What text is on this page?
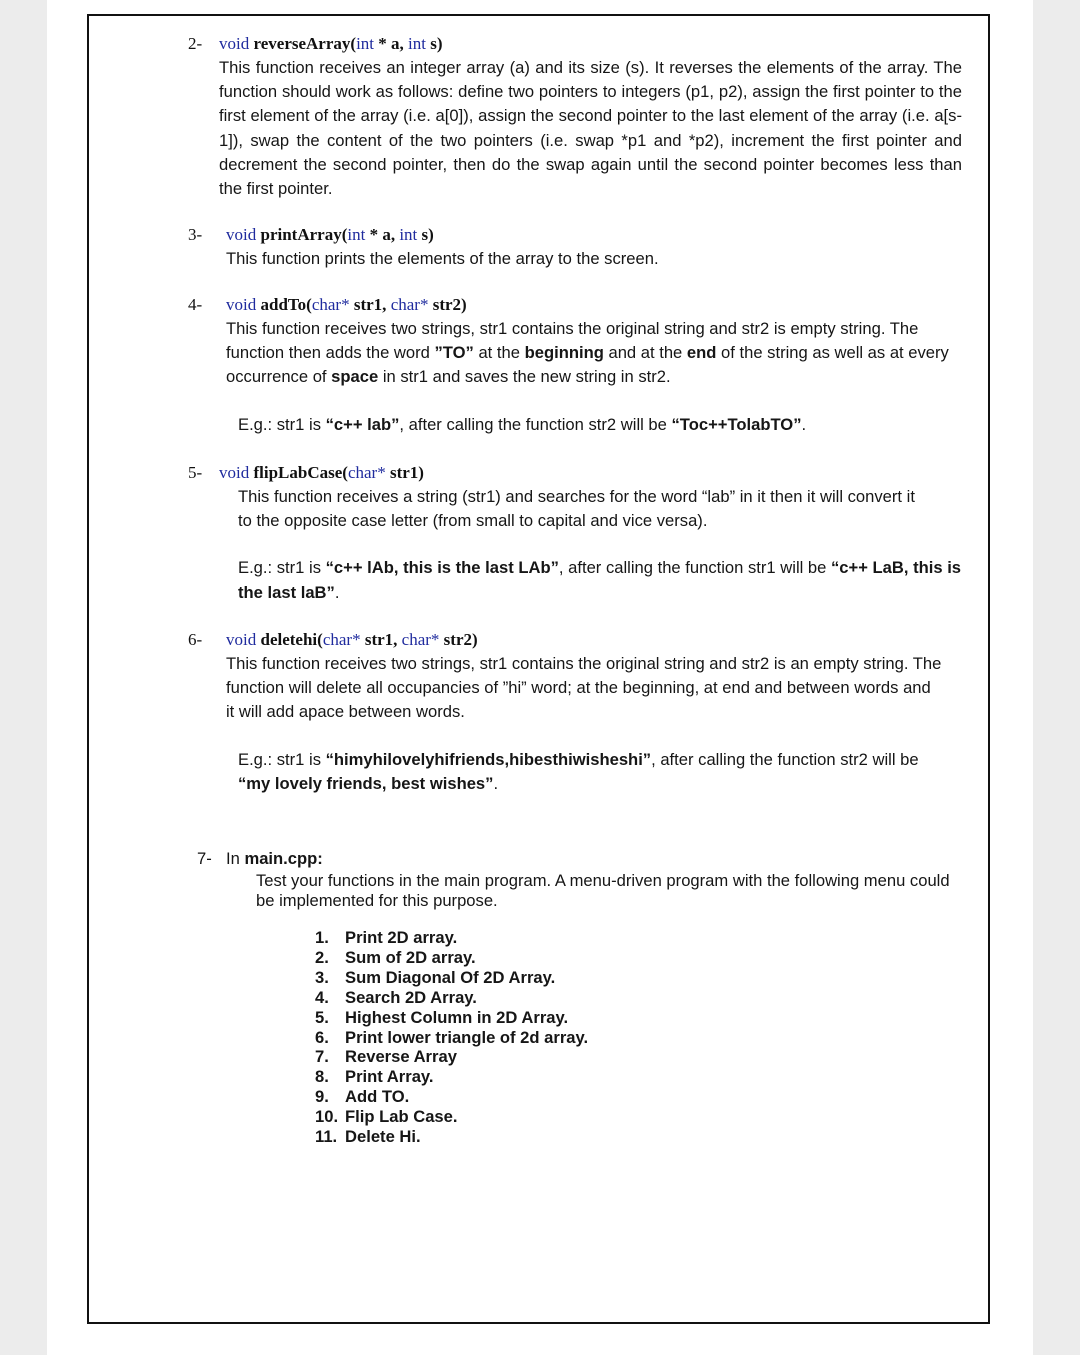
2- void reverseArray(int * a, int s)
This function receives an integer array (a) and its size (s). It reverses the elements of the array. The function should work as follows: define two pointers to integers (p1, p2), assign the first pointer to the first element of the array (i.e. a[0]), assign the second pointer to the last element of the array (i.e. a[s-1]), swap the content of the two pointers (i.e. swap *p1 and *p2), increment the first pointer and decrement the second pointer, then do the swap again until the second pointer becomes less than the first pointer.
3- void printArray(int * a, int s)
This function prints the elements of the array to the screen.
4- void addTo(char* str1, char* str2)
This function receives two strings, str1 contains the original string and str2 is empty string. The function then adds the word ”TO” at the beginning and at the end of the string as well as at every occurrence of space in str1 and saves the new string in str2.
E.g.: str1 is “c++ lab”, after calling the function str2 will be “Toc++TolabTO”.
5- void flipLabCase(char* str1)
This function receives a string (str1) and searches for the word “lab” in it then it will convert it to the opposite case letter (from small to capital and vice versa).
E.g.: str1 is “c++ lAb, this is the last LAb”, after calling the function str1 will be “c++ LaB, this is the last laB”.
6- void deletehi(char* str1, char* str2)
This function receives two strings, str1 contains the original string and str2 is an empty string. The function will delete all occupancies of ”hi” word; at the beginning, at end and between words and it will add apace between words.
E.g.: str1 is “himyhilovelyhifriends,hibesthiwisheshi”, after calling the function str2 will be “my lovely friends, best wishes”.
7- In main.cpp:
Test your functions in the main program. A menu-driven program with the following menu could be implemented for this purpose.
1. Print 2D array.
2. Sum of 2D array.
3. Sum Diagonal Of 2D Array.
4. Search 2D Array.
5. Highest Column in 2D Array.
6. Print lower triangle of 2d array.
7. Reverse Array
8. Print Array.
9. Add TO.
10. Flip Lab Case.
11. Delete Hi.
